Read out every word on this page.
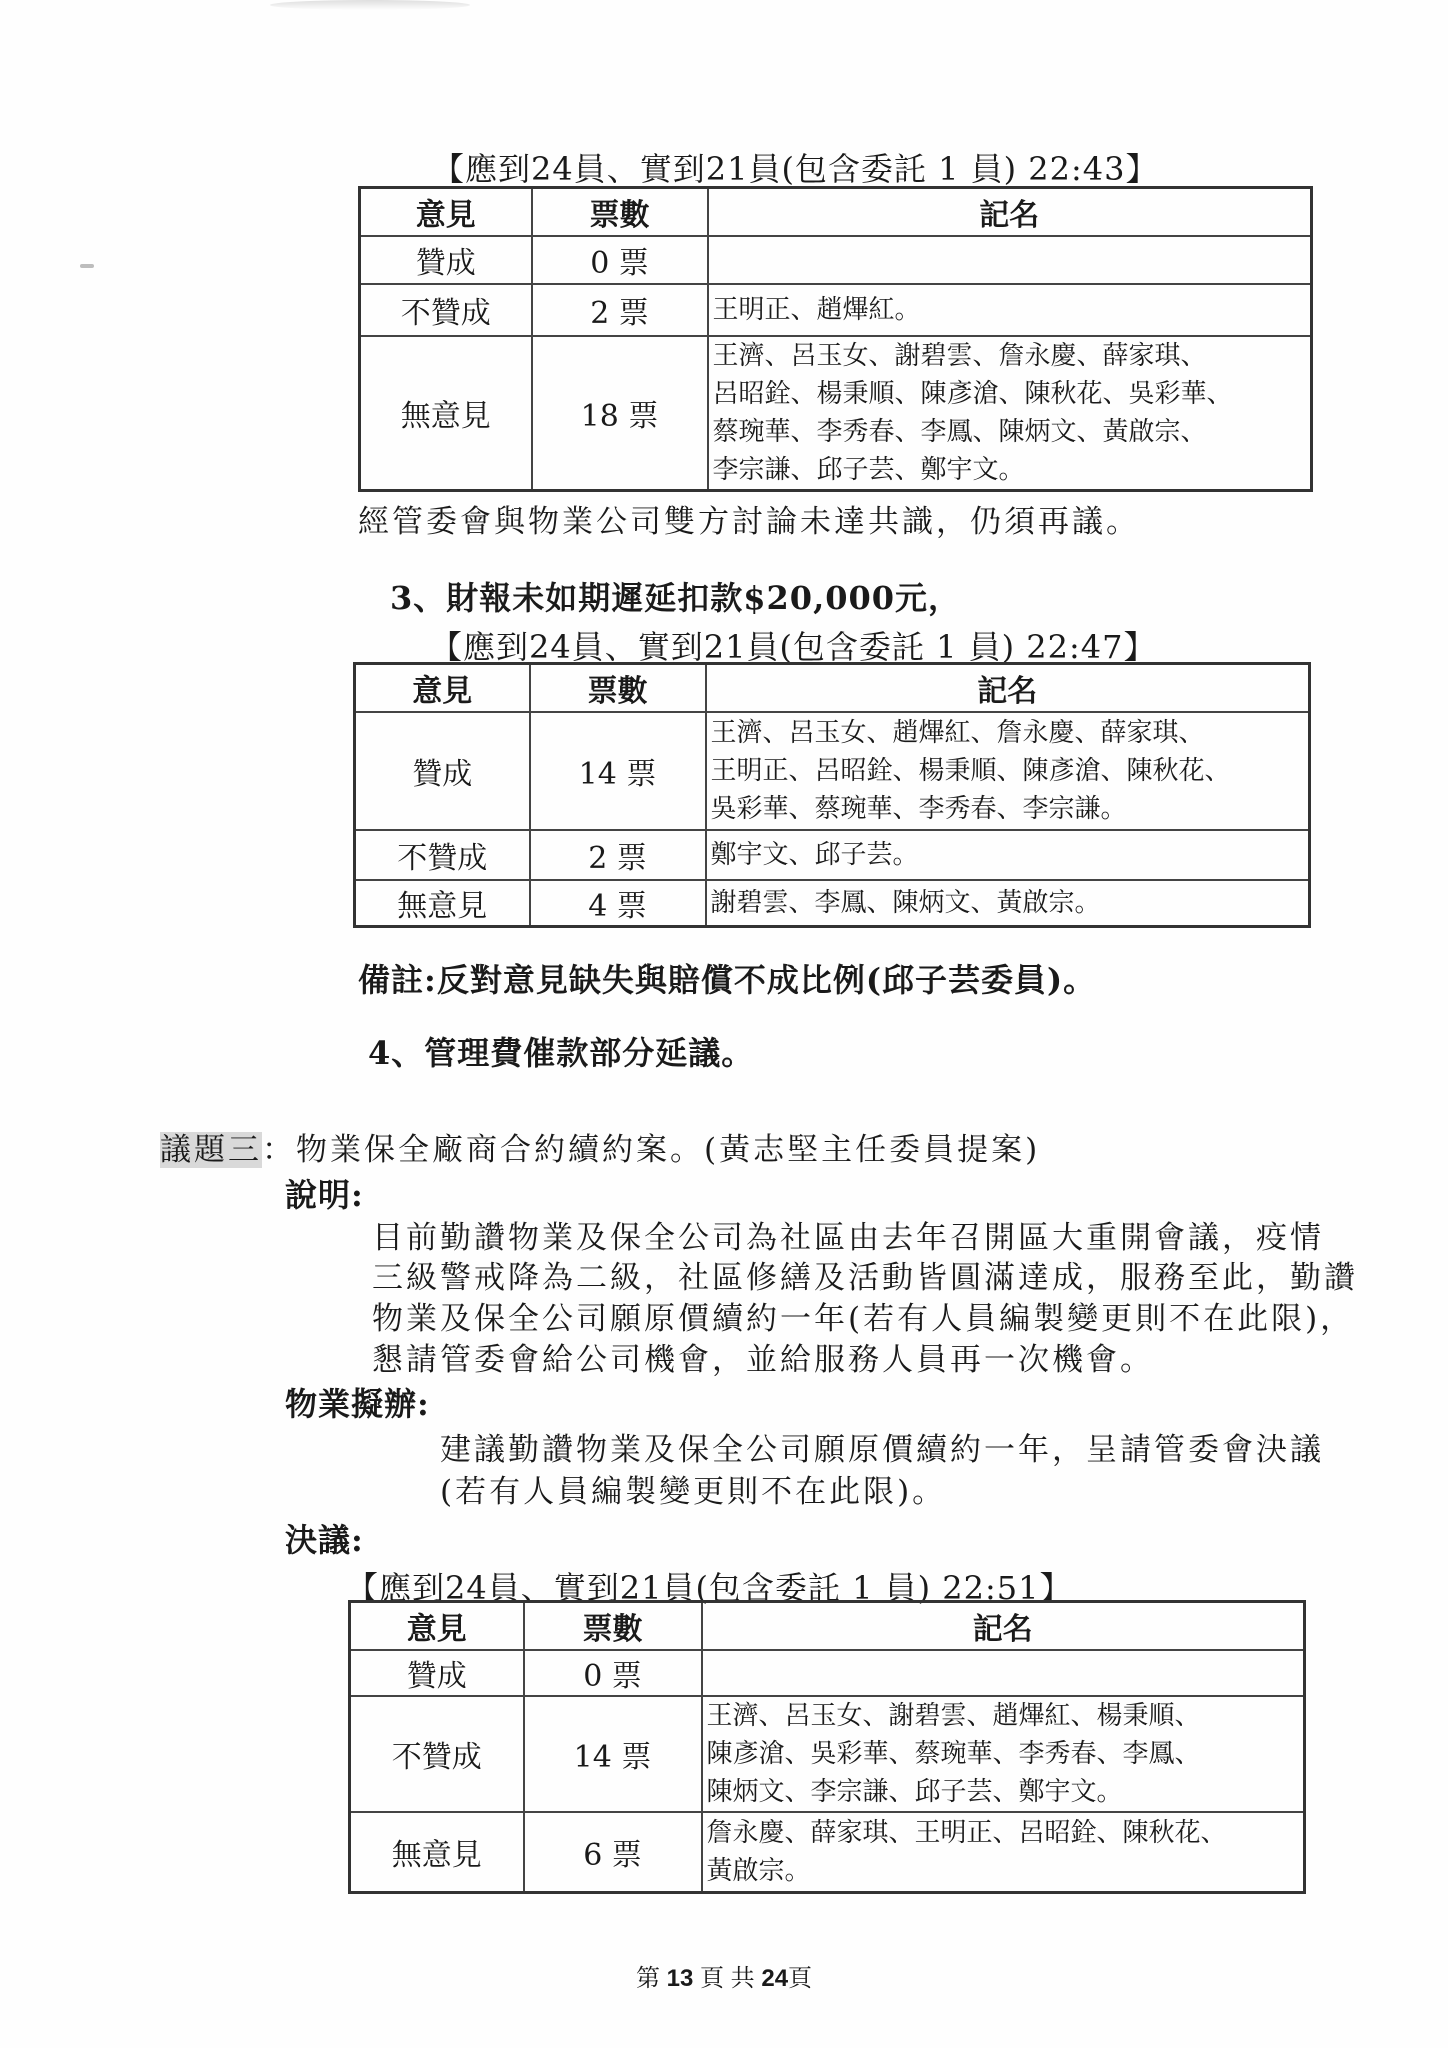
【應到24員、實到21員(包含委託 1 員) 22:43】
意見	票數	記名
贊成	0 票	
不贊成	2 票	王明正、趙熚紅。
無意見	18 票	王濟、呂玉女、謝碧雲、詹永慶、薛家琪、
呂昭銓、楊秉順、陳彥滄、陳秋花、吳彩華、
蔡琬華、李秀春、李鳳、陳炳文、黃啟宗、
李宗謙、邱子芸、鄭宇文。
經管委會與物業公司雙方討論未達共識，仍須再議。
3、財報未如期遲延扣款$20,000元，
【應到24員、實到21員(包含委託 1 員) 22:47】
意見	票數	記名
贊成	14 票	王濟、呂玉女、趙熚紅、詹永慶、薛家琪、
王明正、呂昭銓、楊秉順、陳彥滄、陳秋花、
吳彩華、蔡琬華、李秀春、李宗謙。
不贊成	2 票	鄭宇文、邱子芸。
無意見	4 票	謝碧雲、李鳳、陳炳文、黃啟宗。
備註:反對意見缺失與賠償不成比例(邱子芸委員)。
4、管理費催款部分延議。
議題三：物業保全廠商合約續約案。(黃志堅主任委員提案)
說明:
目前勤讚物業及保全公司為社區由去年召開區大重開會議，疫情
三級警戒降為二級，社區修繕及活動皆圓滿達成，服務至此，勤讚
物業及保全公司願原價續約一年(若有人員編製變更則不在此限)，
懇請管委會給公司機會，並給服務人員再一次機會。
物業擬辦:
建議勤讚物業及保全公司願原價續約一年，呈請管委會決議
(若有人員編製變更則不在此限)。
決議:
【應到24員、實到21員(包含委託 1 員) 22:51】
意見	票數	記名
贊成	0 票	
不贊成	14 票	王濟、呂玉女、謝碧雲、趙熚紅、楊秉順、
陳彥滄、吳彩華、蔡琬華、李秀春、李鳳、
陳炳文、李宗謙、邱子芸、鄭宇文。
無意見	6 票	詹永慶、薛家琪、王明正、呂昭銓、陳秋花、
黃啟宗。
第 13 頁 共 24頁
